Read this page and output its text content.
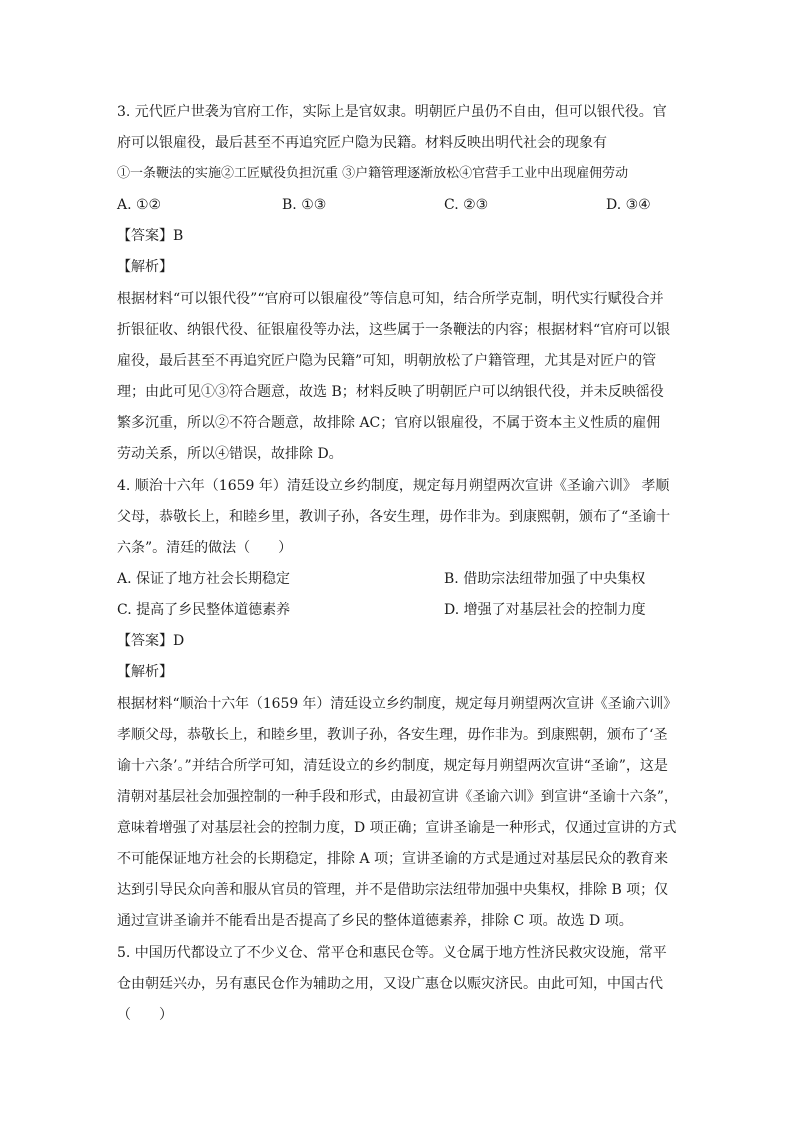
3. 元代匠户世袭为官府工作，实际上是官奴隶。明朝匠户虽仍不自由，但可以银代役。官
府可以银雇役，最后甚至不再追究匠户隐为民籍。材料反映出明代社会的现象有
①一条鞭法的实施②工匠赋役负担沉重 ③户籍管理逐渐放松④官营手工业中出现雇佣劳动
A. ①②	B. ①③	C. ②③	D. ③④
【答案】B
【解析】
根据材料“可以银代役”“官府可以银雇役”等信息可知，结合所学克制，明代实行赋役合并
折银征收、纳银代役、征银雇役等办法，这些属于一条鞭法的内容；根据材料“官府可以银
雇役，最后甚至不再追究匠户隐为民籍”可知，明朝放松了户籍管理，尤其是对匠户的管
理；由此可见①③符合题意，故选 B；材料反映了明朝匠户可以纳银代役，并未反映徭役
繁多沉重，所以②不符合题意，故排除 AC；官府以银雇役，不属于资本主义性质的雇佣
劳动关系，所以④错误，故排除 D。
4. 顺治十六年（1659 年）清廷设立乡约制度，规定每月朔望两次宣讲《圣谕六训》 孝顺
父母，恭敬长上，和睦乡里，教训子孙，各安生理，毋作非为。到康熙朝，颁布了“圣谕十
六条”。清廷的做法（　　）
A. 保证了地方社会长期稳定	B. 借助宗法纽带加强了中央集权
C. 提高了乡民整体道德素养	D. 增强了对基层社会的控制力度
【答案】D
【解析】
根据材料“顺治十六年（1659 年）清廷设立乡约制度，规定每月朔望两次宣讲《圣谕六训》
孝顺父母，恭敬长上，和睦乡里，教训子孙，各安生理，毋作非为。到康熙朝，颁布了‘圣
谕十六条’。”并结合所学可知，清廷设立的乡约制度，规定每月朔望两次宣讲“圣谕”，这是
清朝对基层社会加强控制的一种手段和形式，由最初宣讲《圣谕六训》到宣讲“圣谕十六条”，
意味着增强了对基层社会的控制力度，D 项正确；宣讲圣谕是一种形式，仅通过宣讲的方式
不可能保证地方社会的长期稳定，排除 A 项；宣讲圣谕的方式是通过对基层民众的教育来
达到引导民众向善和服从官员的管理，并不是借助宗法纽带加强中央集权，排除 B 项；仅
通过宣讲圣谕并不能看出是否提高了乡民的整体道德素养，排除 C 项。故选 D 项。
5. 中国历代都设立了不少义仓、常平仓和惠民仓等。义仓属于地方性济民救灾设施，常平
仓由朝廷兴办，另有惠民仓作为辅助之用，又设广惠仓以赈灾济民。由此可知，中国古代
（　　）
